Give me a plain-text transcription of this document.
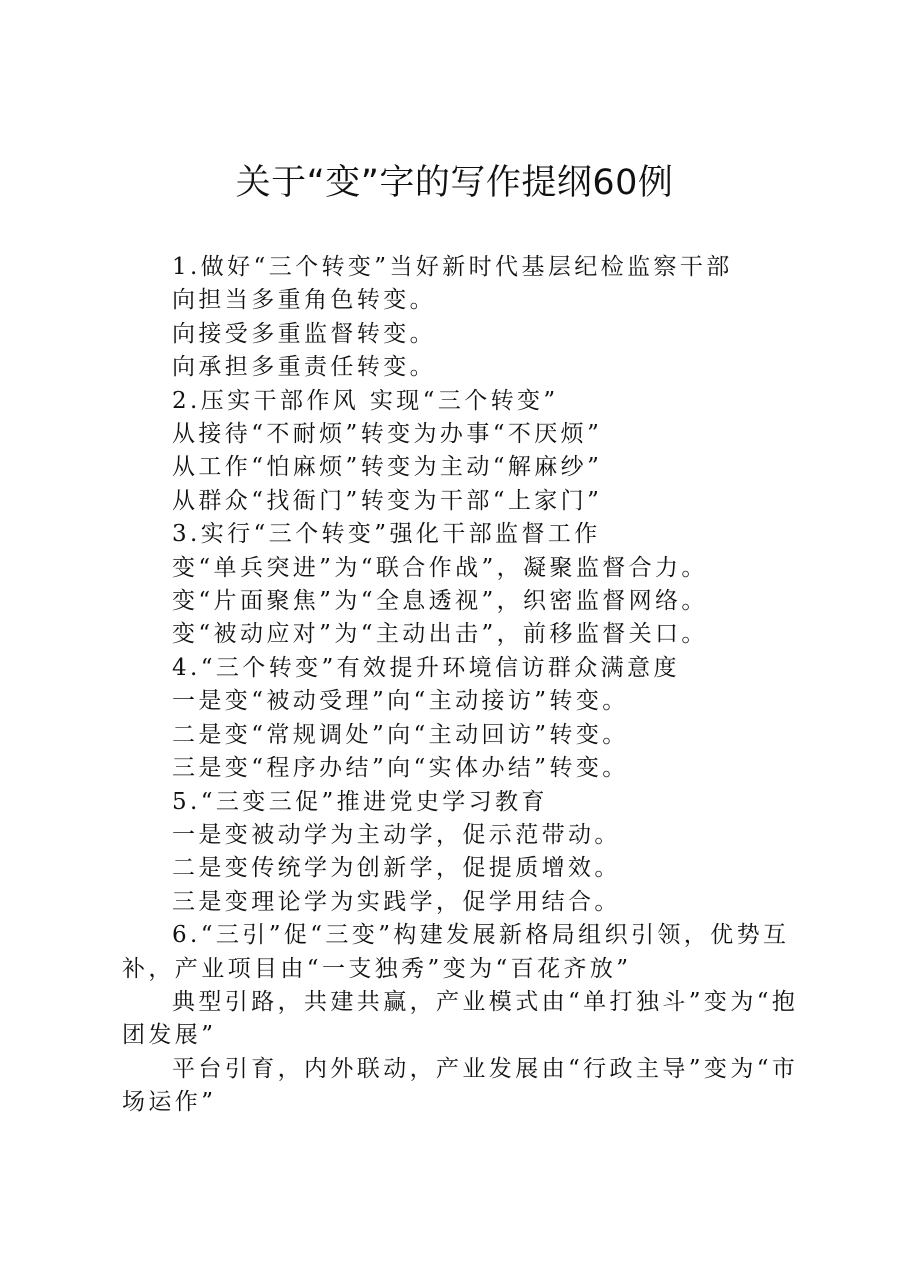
关于“变”字的写作提纲60例

1.做好“三个转变”当好新时代基层纪检监察干部

向担当多重角色转变。

向接受多重监督转变。

向承担多重责任转变。

2.压实干部作风 实现“三个转变”

从接待“不耐烦”转变为办事“不厌烦”

从工作“怕麻烦”转变为主动“解麻纱”

从群众“找衙门”转变为干部“上家门”

3.实行“三个转变”强化干部监督工作

变“单兵突进”为“联合作战”，凝聚监督合力。

变“片面聚焦”为“全息透视”，织密监督网络。

变“被动应对”为“主动出击”，前移监督关口。

4.“三个转变”有效提升环境信访群众满意度

一是变“被动受理”向“主动接访”转变。

二是变“常规调处”向“主动回访”转变。

三是变“程序办结”向“实体办结”转变。

5.“三变三促”推进党史学习教育

一是变被动学为主动学，促示范带动。

二是变传统学为创新学，促提质增效。

三是变理论学为实践学，促学用结合。

6.“三引”促“三变”构建发展新格局组织引领，优势互补，产业项目由“一支独秀”变为“百花齐放”

典型引路，共建共赢，产业模式由“单打独斗”变为“抱团发展”

平台引育，内外联动，产业发展由“行政主导”变为“市场运作”
